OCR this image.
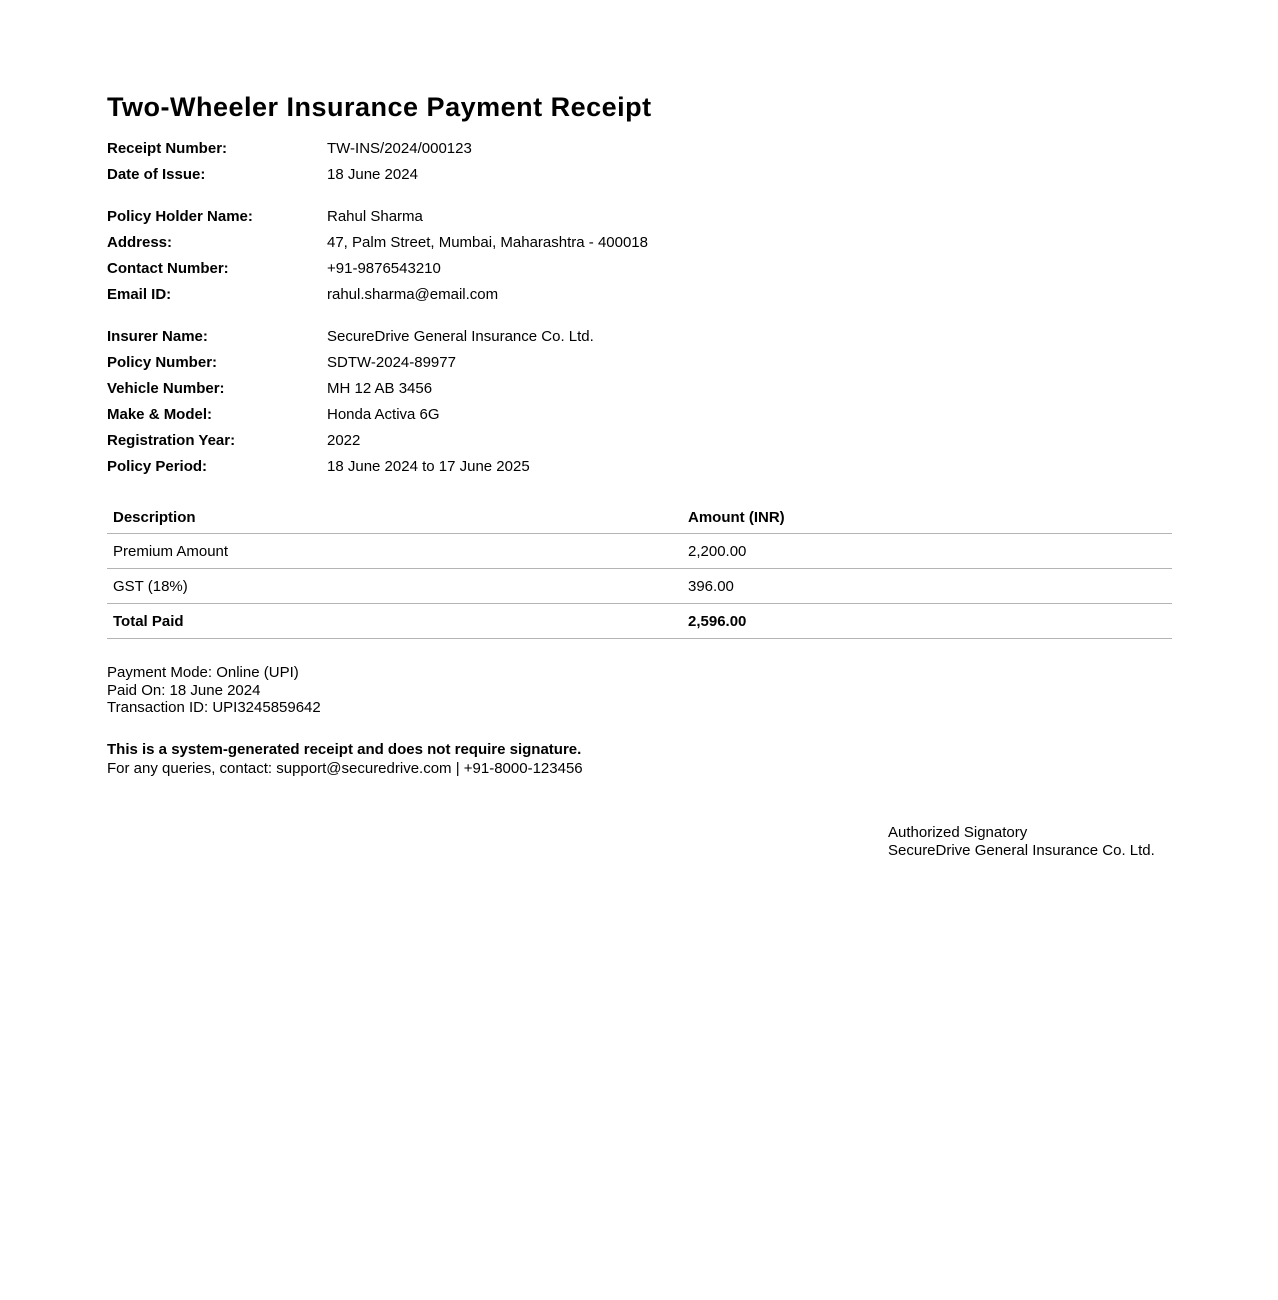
Two-Wheeler Insurance Payment Receipt
Receipt Number:	TW-INS/2024/000123
Date of Issue:	18 June 2024
Policy Holder Name:	Rahul Sharma
Address:	47, Palm Street, Mumbai, Maharashtra - 400018
Contact Number:	+91-9876543210
Email ID:	rahul.sharma@email.com
Insurer Name:	SecureDrive General Insurance Co. Ltd.
Policy Number:	SDTW-2024-89977
Vehicle Number:	MH 12 AB 3456
Make & Model:	Honda Activa 6G
Registration Year:	2022
Policy Period:	18 June 2024 to 17 June 2025
Description	Amount (INR)
Premium Amount	2,200.00
GST (18%)	396.00
Total Paid	2,596.00
Payment Mode: Online (UPI)
Paid On: 18 June 2024
Transaction ID: UPI3245859642
This is a system-generated receipt and does not require signature.
For any queries, contact: support@securedrive.com | +91-8000-123456
Authorized Signatory
SecureDrive General Insurance Co. Ltd.
